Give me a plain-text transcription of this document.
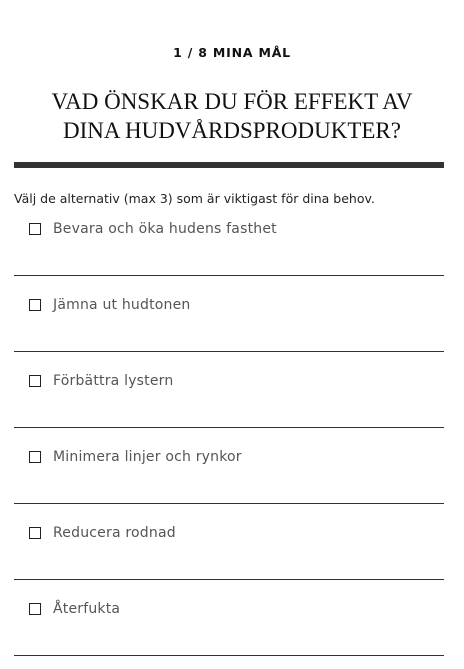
1 / 8 MINA MÅL
VAD ÖNSKAR DU FÖR EFFEKT AV
DINA HUDVÅRDSPRODUKTER?
Välj de alternativ (max 3) som är viktigast för dina behov.
Bevara och öka hudens fasthet
Jämna ut hudtonen
Förbättra lystern
Minimera linjer och rynkor
Reducera rodnad
Återfukta
